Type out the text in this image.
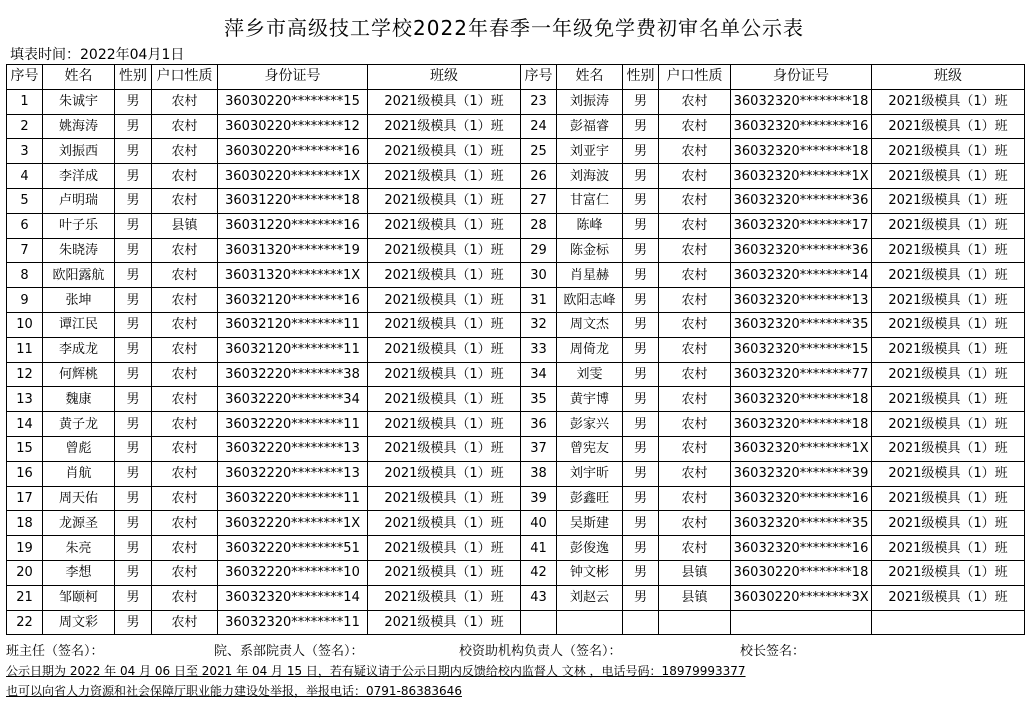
萍乡市高级技工学校2022年春季一年级免学费初审名单公示表
填表时间：2022年04月1日
序号	姓名	性别	户口性质	身份证号	班级	序号	姓名	性别	户口性质	身份证号	班级
1	朱诚宇	男	农村	36030220********15	2021级模具（1）班	23	刘振涛	男	农村	36032320********18	2021级模具（1）班
2	姚海涛	男	农村	36030220********12	2021级模具（1）班	24	彭福睿	男	农村	36032320********16	2021级模具（1）班
3	刘振西	男	农村	36030220********16	2021级模具（1）班	25	刘亚宇	男	农村	36032320********18	2021级模具（1）班
4	李洋成	男	农村	36030220********1X	2021级模具（1）班	26	刘海波	男	农村	36032320********1X	2021级模具（1）班
5	卢明瑞	男	农村	36031220********18	2021级模具（1）班	27	甘富仁	男	农村	36032320********36	2021级模具（1）班
6	叶子乐	男	县镇	36031220********16	2021级模具（1）班	28	陈峰	男	农村	36032320********17	2021级模具（1）班
7	朱晓涛	男	农村	36031320********19	2021级模具（1）班	29	陈金标	男	农村	36032320********36	2021级模具（1）班
8	欧阳露航	男	农村	36031320********1X	2021级模具（1）班	30	肖星赫	男	农村	36032320********14	2021级模具（1）班
9	张坤	男	农村	36032120********16	2021级模具（1）班	31	欧阳志峰	男	农村	36032320********13	2021级模具（1）班
10	谭江民	男	农村	36032120********11	2021级模具（1）班	32	周文杰	男	农村	36032320********35	2021级模具（1）班
11	李成龙	男	农村	36032120********11	2021级模具（1）班	33	周倚龙	男	农村	36032320********15	2021级模具（1）班
12	何辉桃	男	农村	36032220********38	2021级模具（1）班	34	刘雯	男	农村	36032320********77	2021级模具（1）班
13	魏康	男	农村	36032220********34	2021级模具（1）班	35	黄宇博	男	农村	36032320********18	2021级模具（1）班
14	黄子龙	男	农村	36032220********11	2021级模具（1）班	36	彭家兴	男	农村	36032320********18	2021级模具（1）班
15	曾彪	男	农村	36032220********13	2021级模具（1）班	37	曾宪友	男	农村	36032320********1X	2021级模具（1）班
16	肖航	男	农村	36032220********13	2021级模具（1）班	38	刘宇昕	男	农村	36032320********39	2021级模具（1）班
17	周天佑	男	农村	36032220********11	2021级模具（1）班	39	彭鑫旺	男	农村	36032320********16	2021级模具（1）班
18	龙源圣	男	农村	36032220********1X	2021级模具（1）班	40	吴斯建	男	农村	36032320********35	2021级模具（1）班
19	朱亮	男	农村	36032220********51	2021级模具（1）班	41	彭俊逸	男	农村	36032320********16	2021级模具（1）班
20	李想	男	农村	36032220********10	2021级模具（1）班	42	钟文彬	男	县镇	36030220********18	2021级模具（1）班
21	邹颐柯	男	农村	36032320********14	2021级模具（1）班	43	刘赵云	男	县镇	36030220********3X	2021级模具（1）班
22	周文彩	男	农村	36032320********11	2021级模具（1）班						
班主任（签名）：	院、系部院责人（签名）：	校资助机构负责人（签名）：	校长签名：
公示日期为 2022 年 04 月 06 日至 2021 年 04 月 15 日，若有疑议请于公示日期内反馈给校内监督人 文林 ，电话号码：18979993377
也可以向省人力资源和社会保障厅职业能力建设处举报，举报电话：0791-86383646
